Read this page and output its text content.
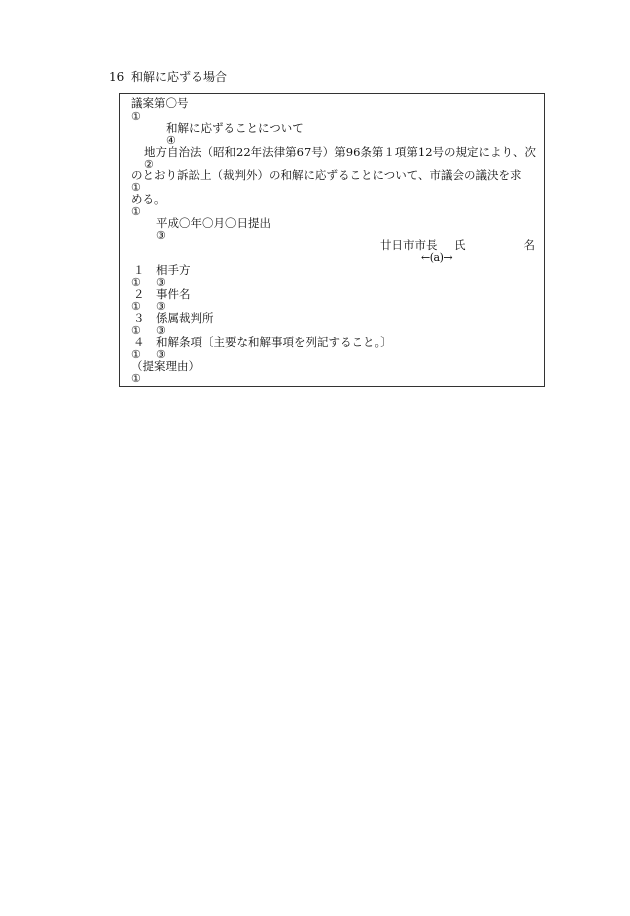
16 和解に応ずる場合
議案第〇号
①
和解に応ずることについて
④
地方自治法（昭和22年法律第67号）第96条第１項第12号の規定により、次
②
のとおり訴訟上（裁判外）の和解に応ずることについて、市議会の議決を求
①
める。
①
平成〇年〇月〇日提出
③
廿日市市長 氏	名
←(a)→
１ 相手方
① ③
２ 事件名
① ③
３ 係属裁判所
① ③
４ 和解条項〔主要な和解事項を列記すること。〕
① ③
（提案理由）
①
